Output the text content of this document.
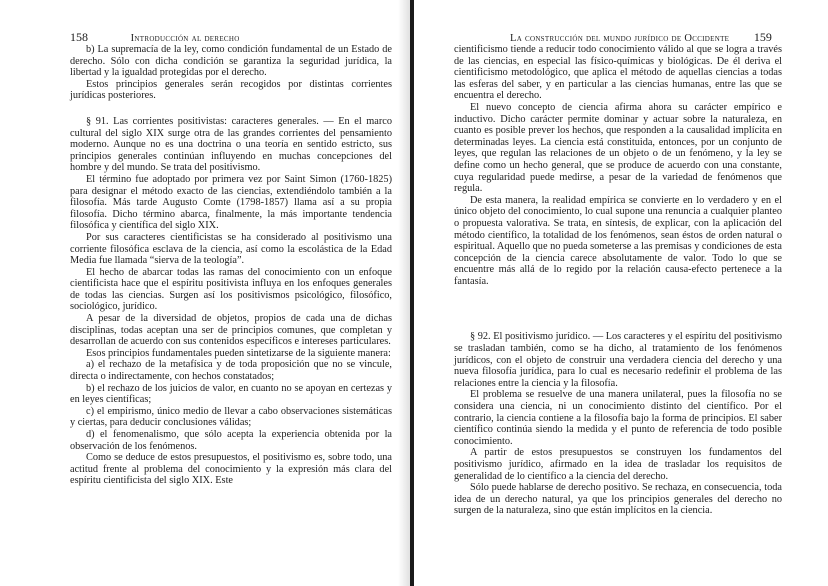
158	Introducción al derecho

b) La supremacía de la ley, como condición fundamental de un Estado de derecho. Sólo con dicha condición se garantiza la seguridad jurídica, la libertad y la igualdad protegidas por el derecho.

Estos principios generales serán recogidos por distintas corrientes jurídicas posteriores.

§ 91. Las corrientes positivistas: caracteres generales. — En el marco cultural del siglo XIX surge otra de las grandes corrientes del pensamiento moderno. Aunque no es una doctrina o una teoría en sentido estricto, sus principios generales continúan influyendo en muchas concepciones del hombre y del mundo. Se trata del positivismo.

El término fue adoptado por primera vez por Saint Simon (1760-1825) para designar el método exacto de las ciencias, extendiéndolo también a la filosofía. Más tarde Augusto Comte (1798-1857) llama así a su propia filosofía. Dicho término abarca, finalmente, la más importante tendencia filosófica y científica del siglo XIX.

Por sus caracteres cientificistas se ha considerado al positivismo una corriente filosófica esclava de la ciencia, así como la escolástica de la Edad Media fue llamada “sierva de la teología”.

El hecho de abarcar todas las ramas del conocimiento con un enfoque cientificista hace que el espíritu positivista influya en los enfoques generales de todas las ciencias. Surgen así los positivismos psicológico, filosófico, sociológico, jurídico.

A pesar de la diversidad de objetos, propios de cada una de dichas disciplinas, todas aceptan una ser de principios comunes, que completan y desarrollan de acuerdo con sus contenidos específicos e intereses particulares.

Esos principios fundamentales pueden sintetizarse de la siguiente manera:

a) el rechazo de la metafísica y de toda proposición que no se vincule, directa o indirectamente, con hechos constatados;

b) el rechazo de los juicios de valor, en cuanto no se apoyan en certezas y en leyes científicas;

c) el empirismo, único medio de llevar a cabo observaciones sistemáticas y ciertas, para deducir conclusiones válidas;

d) el fenomenalismo, que sólo acepta la experiencia obtenida por la observación de los fenómenos.

Como se deduce de estos presupuestos, el positivismo es, sobre todo, una actitud frente al problema del conocimiento y la expresión más clara del espíritu cientificista del siglo XIX. Este

La construcción del mundo jurídico de Occidente 159

cientificismo tiende a reducir todo conocimiento válido al que se logra a través de las ciencias, en especial las físico-químicas y biológicas. De él deriva el cientificismo metodológico, que aplica el método de aquellas ciencias a todas las esferas del saber, y en particular a las ciencias humanas, entre las que se encuentra el derecho.

El nuevo concepto de ciencia afirma ahora su carácter empírico e inductivo. Dicho carácter permite dominar y actuar sobre la naturaleza, en cuanto es posible prever los hechos, que responden a la causalidad implícita en determinadas leyes. La ciencia está constituida, entonces, por un conjunto de leyes, que regulan las relaciones de un objeto o de un fenómeno, y la ley se define como un hecho general, que se produce de acuerdo con una constante, cuya regularidad puede medirse, a pesar de la variedad de fenómenos que regula.

De esta manera, la realidad empírica se convierte en lo verdadero y en el único objeto del conocimiento, lo cual supone una renuncia a cualquier planteo o propuesta valorativa. Se trata, en síntesis, de explicar, con la aplicación del método científico, la totalidad de los fenómenos, sean éstos de orden natural o espiritual. Aquello que no pueda someterse a las premisas y condiciones de esta concepción de la ciencia carece absolutamente de valor. Todo lo que se encuentre más allá de lo regido por la relación causa-efecto pertenece a la fantasía.

§ 92. El positivismo jurídico. — Los caracteres y el espíritu del positivismo se trasladan también, como se ha dicho, al tratamiento de los fenómenos jurídicos, con el objeto de construir una verdadera ciencia del derecho y una nueva filosofía jurídica, para lo cual es necesario redefinir el problema de las relaciones entre la ciencia y la filosofía.

El problema se resuelve de una manera unilateral, pues la filosofía no se considera una ciencia, ni un conocimiento distinto del científico. Por el contrario, la ciencia contiene a la filosofía bajo la forma de principios. El saber científico continúa siendo la medida y el punto de referencia de todo posible conocimiento.

A partir de estos presupuestos se construyen los fundamentos del positivismo jurídico, afirmado en la idea de trasladar los requisitos de generalidad de lo científico a la ciencia del derecho.

Sólo puede hablarse de derecho positivo. Se rechaza, en consecuencia, toda idea de un derecho natural, ya que los principios generales del derecho no surgen de la naturaleza, sino que están implícitos en la ciencia.
